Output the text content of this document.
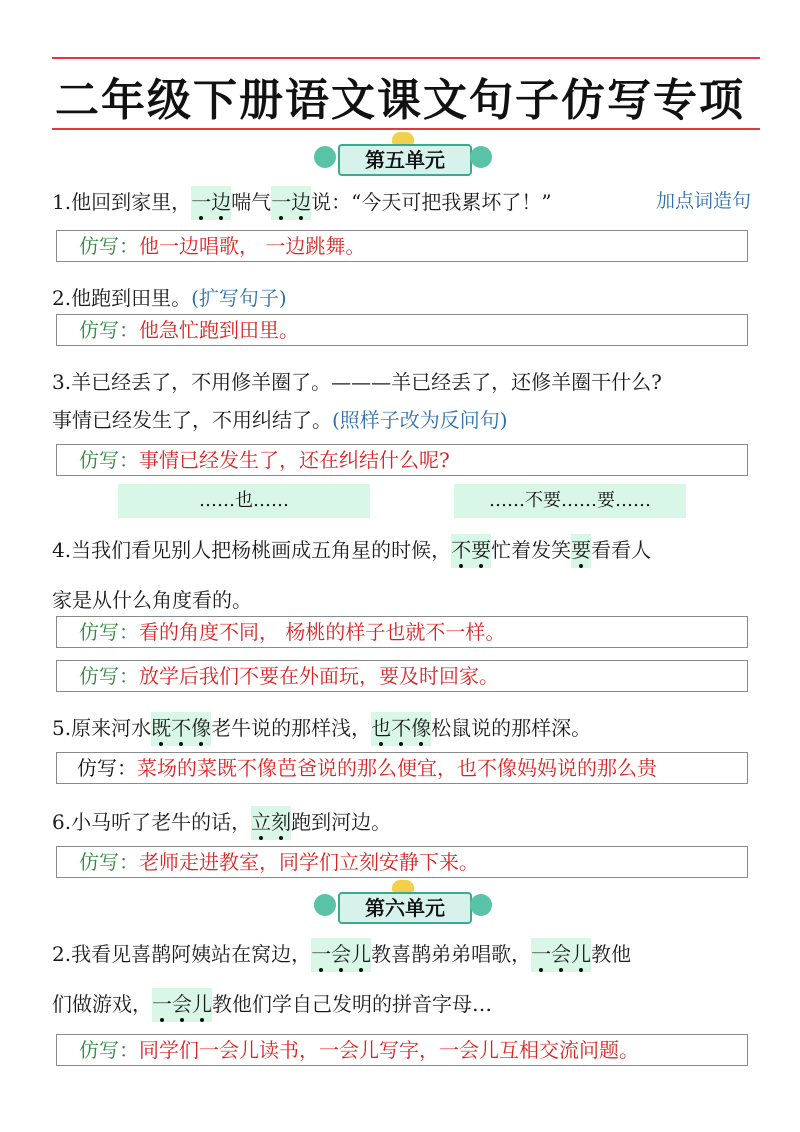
二年级下册语文课文句子仿写专项
第五单元
1.他回到家里，一边喘气一边说：“今天可把我累坏了！”	加点词造句
仿写：他一边唱歌， 一边跳舞。
2.他跑到田里。(扩写句子)
仿写：他急忙跑到田里。
3.羊已经丢了，不用修羊圈了。———羊已经丢了，还修羊圈干什么?
事情已经发生了，不用纠结了。(照样子改为反问句)
仿写：事情已经发生了，还在纠结什么呢?
……也……	……不要……要……
4.当我们看见别人把杨桃画成五角星的时候，不要忙着发笑要看看人
家是从什么角度看的。
仿写：看的角度不同， 杨桃的样子也就不一样。
仿写：放学后我们不要在外面玩，要及时回家。
5.原来河水既不像老牛说的那样浅，也不像松鼠说的那样深。
仿写：菜场的菜既不像芭爸说的那么便宜，也不像妈妈说的那么贵
6.小马听了老牛的话，立刻跑到河边。
仿写：老师走进教室，同学们立刻安静下来。
第六单元
2.我看见喜鹊阿姨站在窝边，一会儿教喜鹊弟弟唱歌，一会儿教他
们做游戏，一会儿教他们学自己发明的拼音字母…
仿写：同学们一会儿读书，一会儿写字，一会儿互相交流问题。
